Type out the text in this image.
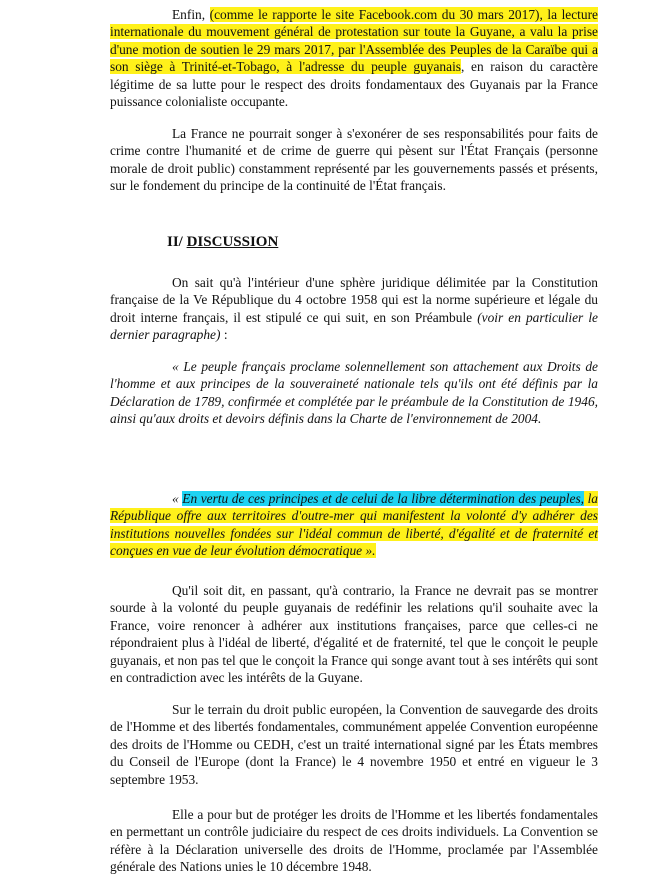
Enfin, (comme le rapporte le site Facebook.com du 30 mars 2017), la lecture internationale du mouvement général de protestation sur toute la Guyane, a valu la prise d'une motion de soutien le 29 mars 2017, par l'Assemblée des Peuples de la Caraïbe qui a son siège à Trinité-et-Tobago, à l'adresse du peuple guyanais, en raison du caractère légitime de sa lutte pour le respect des droits fondamentaux des Guyanais par la France puissance colonialiste occupante.

La France ne pourrait songer à s'exonérer de ses responsabilités pour faits de crime contre l'humanité et de crime de guerre qui pèsent sur l'État Français (personne morale de droit public) constamment représenté par les gouvernements passés et présents, sur le fondement du principe de la continuité de l'État français.

II/ DISCUSSION

On sait qu'à l'intérieur d'une sphère juridique délimitée par la Constitution française de la Ve République du 4 octobre 1958 qui est la norme supérieure et légale du droit interne français, il est stipulé ce qui suit, en son Préambule (voir en particulier le dernier paragraphe) :

« Le peuple français proclame solennellement son attachement aux Droits de l'homme et aux principes de la souveraineté nationale tels qu'ils ont été définis par la Déclaration de 1789, confirmée et complétée par le préambule de la Constitution de 1946, ainsi qu'aux droits et devoirs définis dans la Charte de l'environnement de 2004.

« En vertu de ces principes et de celui de la libre détermination des peuples, la République offre aux territoires d'outre-mer qui manifestent la volonté d'y adhérer des institutions nouvelles fondées sur l'idéal commun de liberté, d'égalité et de fraternité et conçues en vue de leur évolution démocratique ».

Qu'il soit dit, en passant, qu'à contrario, la France ne devrait pas se montrer sourde à la volonté du peuple guyanais de redéfinir les relations qu'il souhaite avec la France, voire renoncer à adhérer aux institutions françaises, parce que celles-ci ne répondraient plus à l'idéal de liberté, d'égalité et de fraternité, tel que le conçoit le peuple guyanais, et non pas tel que le conçoit la France qui songe avant tout à ses intérêts qui sont en contradiction avec les intérêts de la Guyane.

Sur le terrain du droit public européen, la Convention de sauvegarde des droits de l'Homme et des libertés fondamentales, communément appelée Convention européenne des droits de l'Homme ou CEDH, c'est un traité international signé par les États membres du Conseil de l'Europe (dont la France) le 4 novembre 1950 et entré en vigueur le 3 septembre 1953.

Elle a pour but de protéger les droits de l'Homme et les libertés fondamentales en permettant un contrôle judiciaire du respect de ces droits individuels. La Convention se réfère à la Déclaration universelle des droits de l'Homme, proclamée par l'Assemblée générale des Nations unies le 10 décembre 1948.
